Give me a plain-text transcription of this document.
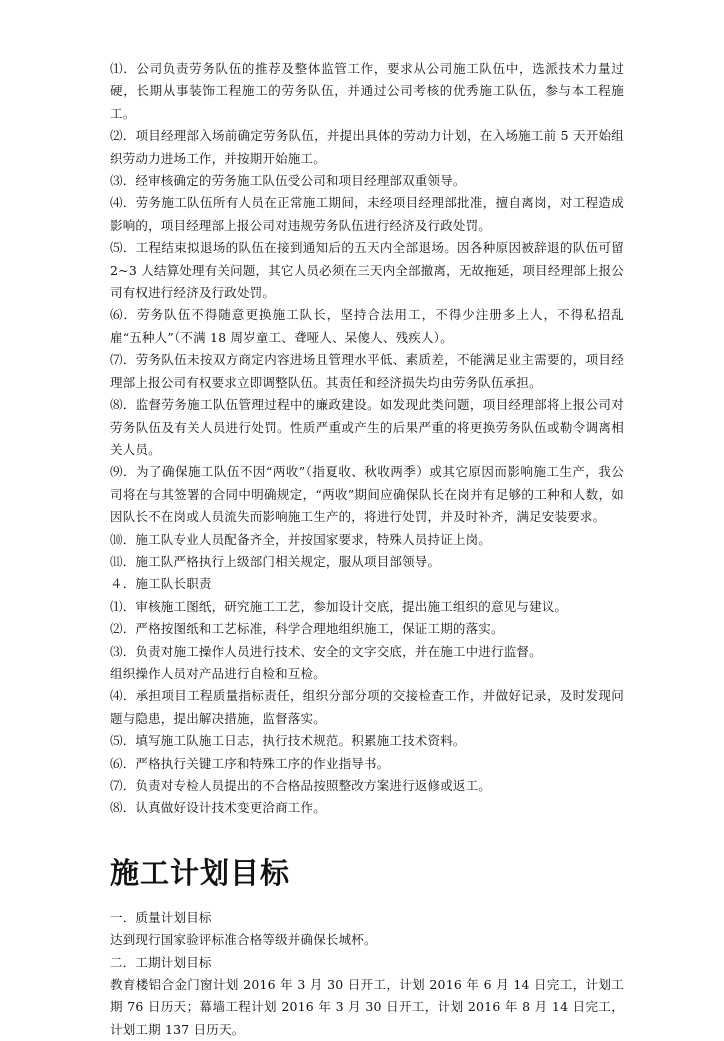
⑴．公司负责劳务队伍的推荐及整体监管工作，要求从公司施工队伍中，选派技术力量过硬，长期从事装饰工程施工的劳务队伍，并通过公司考核的优秀施工队伍，参与本工程施工。

⑵．项目经理部入场前确定劳务队伍，并提出具体的劳动力计划，在入场施工前 5 天开始组织劳动力进场工作，并按期开始施工。

⑶．经审核确定的劳务施工队伍受公司和项目经理部双重领导。

⑷．劳务施工队伍所有人员在正常施工期间，未经项目经理部批准，擅自离岗，对工程造成影响的，项目经理部上报公司对违规劳务队伍进行经济及行政处罚。

⑸．工程结束拟退场的队伍在接到通知后的五天内全部退场。因各种原因被辞退的队伍可留 2~3 人结算处理有关问题，其它人员必须在三天内全部撤离，无故拖延，项目经理部上报公司有权进行经济及行政处罚。

⑹．劳务队伍不得随意更换施工队长，坚持合法用工，不得少注册多上人，不得私招乱雇“五种人”（不满 18 周岁童工、聋哑人、呆傻人、残疾人）。

⑺．劳务队伍未按双方商定内容进场且管理水平低、素质差，不能满足业主需要的，项目经理部上报公司有权要求立即调整队伍。其责任和经济损失均由劳务队伍承担。

⑻．监督劳务施工队伍管理过程中的廉政建设。如发现此类问题，项目经理部将上报公司对劳务队伍及有关人员进行处罚。性质严重或产生的后果严重的将更换劳务队伍或勒令调离相关人员。

⑼．为了确保施工队伍不因“两收”（指夏收、秋收两季）或其它原因而影响施工生产，我公司将在与其签署的合同中明确规定，“两收”期间应确保队长在岗并有足够的工种和人数，如因队长不在岗或人员流失而影响施工生产的，将进行处罚，并及时补齐，满足安装要求。

⑽．施工队专业人员配备齐全，并按国家要求，特殊人员持证上岗。

⑾．施工队严格执行上级部门相关规定，服从项目部领导。

４．施工队长职责

⑴．审核施工图纸，研究施工工艺，参加设计交底，提出施工组织的意见与建议。

⑵．严格按图纸和工艺标准，科学合理地组织施工，保证工期的落实。

⑶．负责对施工操作人员进行技术、安全的文字交底，并在施工中进行监督。

组织操作人员对产品进行自检和互检。

⑷．承担项目工程质量指标责任，组织分部分项的交接检查工作，并做好记录，及时发现问题与隐患，提出解决措施，监督落实。

⑸．填写施工队施工日志，执行技术规范。积累施工技术资料。

⑹．严格执行关键工序和特殊工序的作业指导书。

⑺．负责对专检人员提出的不合格品按照整改方案进行返修或返工。

⑻．认真做好设计技术变更洽商工作。

施工计划目标

一．质量计划目标

达到现行国家验评标准合格等级并确保长城杯。

二．工期计划目标

教育楼铝合金门窗计划 2016 年 3 月 30 日开工，计划 2016 年 6 月 14 日完工，计划工期 76 日历天；幕墙工程计划 2016 年 3 月 30 日开工，计划 2016 年 8 月 14 日完工，计划工期 137 日历天。
